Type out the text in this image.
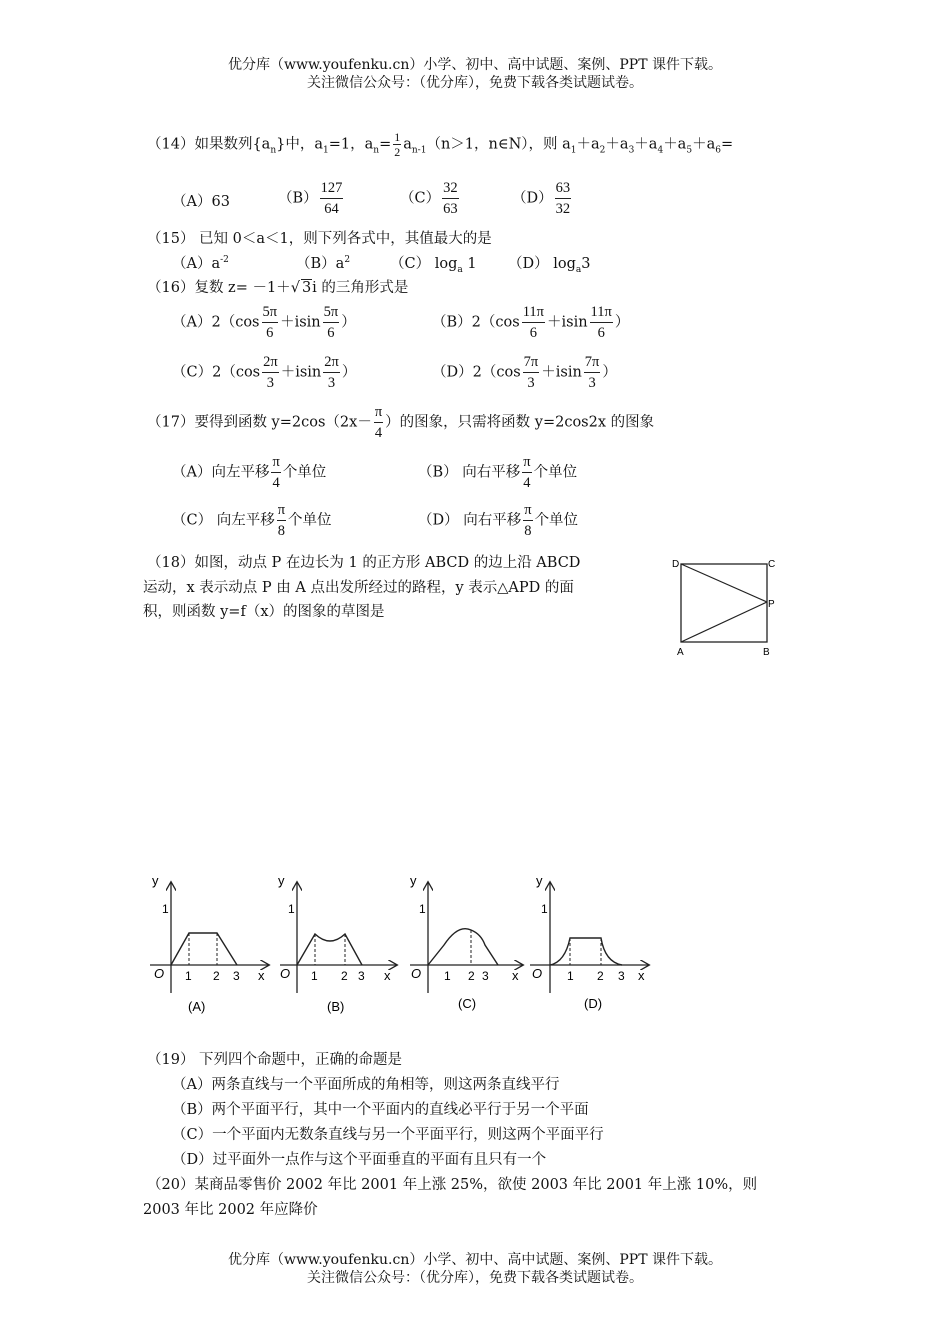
优分库（www.youfenku.cn）小学、初中、高中试题、案例、PPT 课件下载。
关注微信公众号：（优分库），免费下载各类试题试卷。
（14）如果数列$\{a_n\}$中，$a_1=1$，$a_n= \frac{1}{2} a_{n-1}(n>1$，n∈N），则 $a_1+a_2+a_3+a_4+a_5+a_6=$
（A）63	$(B) \frac{127}{64}$	$(C) \frac{32}{63}$	$(D) \frac{63}{32}$
（15） 已知 0＜a＜1，则下列各式中，其值最大的是
$(A)a^{-2}$	$(B)a^2$	（C） $\log_a 1$ （D） $\log_a3$
（16）复数 z= －1＋√ 3i 的三角形式是
$(A)2(\cos \frac{5\pi}{6} +isin \frac{5\pi}{6}$ ）	$(B)2(\cos \frac{11\pi}{6} +isin \frac{11\pi}{6}$ ）
$(C)2(\cos \frac{2\pi}{3} +isin \frac{2\pi}{3}$ ）	$(D)2(\cos \frac{7\pi}{3} +isin \frac{7\pi}{3}$ ）
（17）要得到函数 $y=2\cos(2x- \frac{\pi}{4}$ ）的图象，只需将函数 y=2cos2x 的图象
（A）向左平移 $\frac{\pi}{4}$ 个单位	（B） 向右平移 $\frac{\pi}{4}$ 个单位
（C） 向左平移 $\frac{\pi}{8}$ 个单位	（D） 向右平移 $\frac{\pi}{8}$ 个单位
（18）如图，动点 P 在边长为 1 的正方形 ABCD 的边上沿 ABCD
运动，x 表示动点 P 由 A 点出发所经过的路程，y 表示△APD 的面
积，则函数 y=f（x）的图象的草图是
D	C
P
A	B
y
1
x
O 1 2 3
(A)
y
1
x
O 1 2 3
(B)
y
1
x
O 1 2 3
(C)
y
1
x
O 1 2 3
(D)
（19） 下列四个命题中，正确的命题是
（A）两条直线与一个平面所成的角相等，则这两条直线平行
（B）两个平面平行，其中一个平面内的直线必平行于另一个平面
（C）一个平面内无数条直线与另一个平面平行，则这两个平面平行
（D）过平面外一点作与这个平面垂直的平面有且只有一个
（20）某商品零售价 2002 年比 2001 年上涨 25%，欲使 2003 年比 2001 年上涨 10%，则
2003 年比 2002 年应降价
优分库（www.youfenku.cn）小学、初中、高中试题、案例、PPT 课件下载。
关注微信公众号：（优分库），免费下载各类试题试卷。
